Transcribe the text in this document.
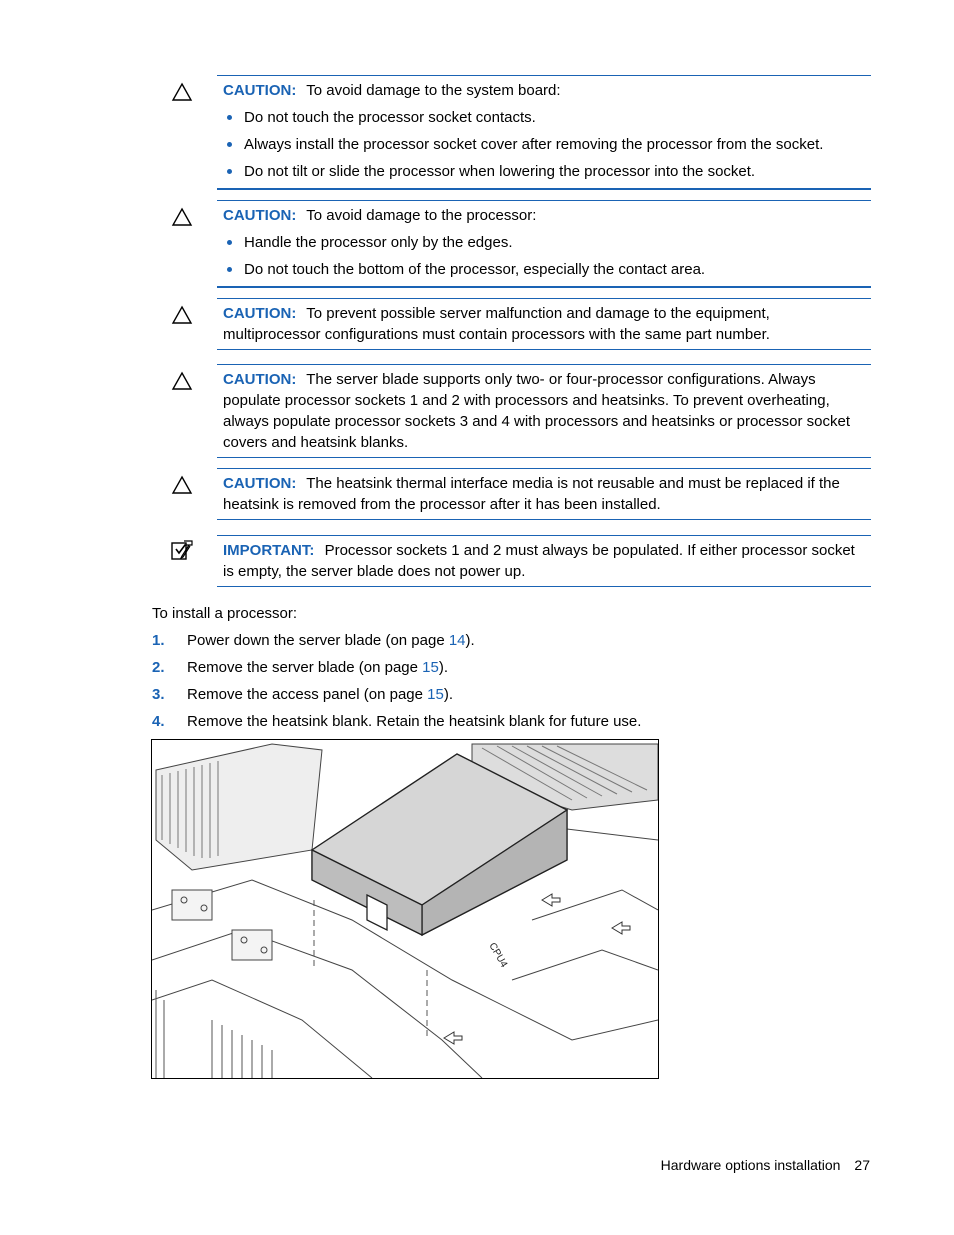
CAUTION: To avoid damage to the system board:
Do not touch the processor socket contacts.
Always install the processor socket cover after removing the processor from the socket.
Do not tilt or slide the processor when lowering the processor into the socket.
CAUTION: To avoid damage to the processor:
Handle the processor only by the edges.
Do not touch the bottom of the processor, especially the contact area.
CAUTION: To prevent possible server malfunction and damage to the equipment, multiprocessor configurations must contain processors with the same part number.
CAUTION: The server blade supports only two- or four-processor configurations. Always populate processor sockets 1 and 2 with processors and heatsinks. To prevent overheating, always populate processor sockets 3 and 4 with processors and heatsinks or processor socket covers and heatsink blanks.
CAUTION: The heatsink thermal interface media is not reusable and must be replaced if the heatsink is removed from the processor after it has been installed.
IMPORTANT: Processor sockets 1 and 2 must always be populated. If either processor socket is empty, the server blade does not power up.
To install a processor:
1. Power down the server blade (on page 14).
2. Remove the server blade (on page 15).
3. Remove the access panel (on page 15).
4. Remove the heatsink blank. Retain the heatsink blank for future use.
CPU4
Hardware options installation 27
